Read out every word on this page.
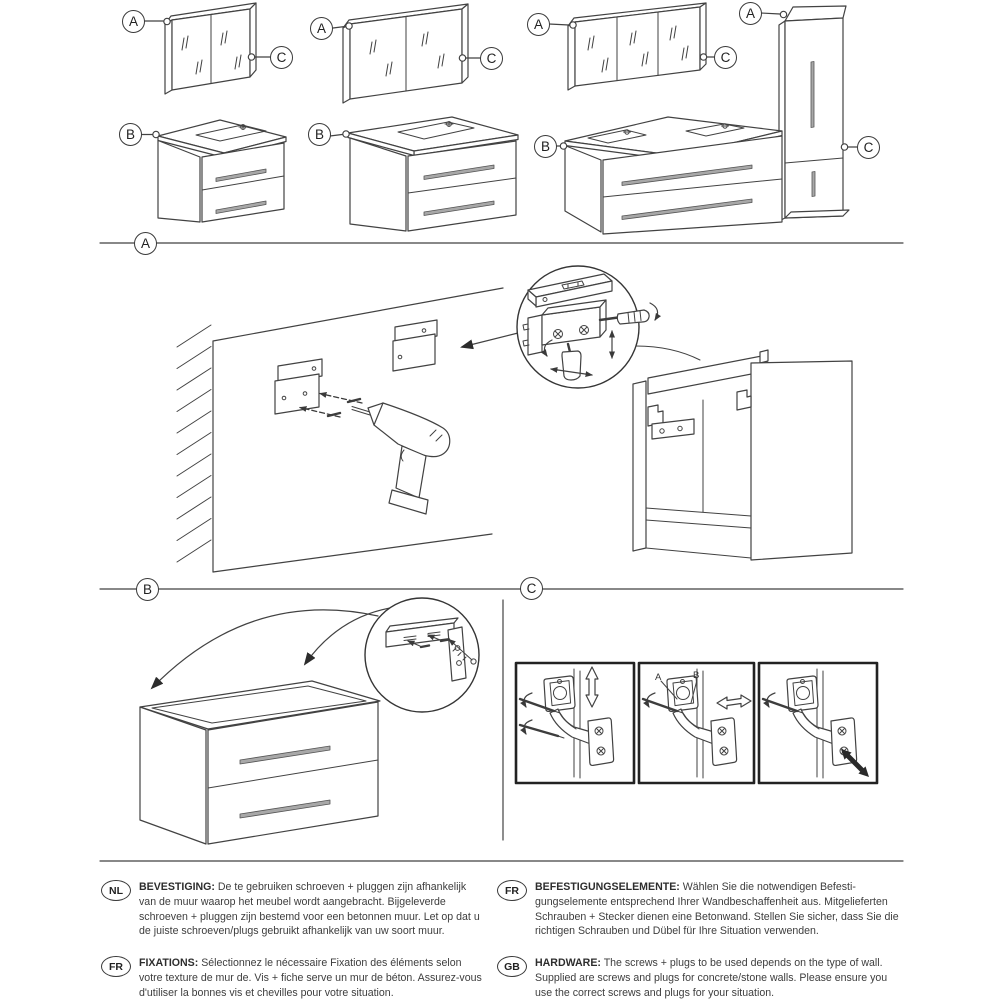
A	B
A
C
A
C
A
C
A
C
B	B
B
A
B	C
NL	BEVESTIGING: De te gebruiken schroeven + pluggen zijn afhankelijk van de muur waarop het meubel wordt aangebracht. Bijgeleverde schroeven + pluggen zijn bestemd voor een betonnen muur. Let op dat u de juiste schroeven/plugs gebruikt afhankelijk van uw soort muur.
FR	FIXATIONS: Sélectionnez le nécessaire Fixation des éléments selon votre texture de mur de. Vis + fiche serve un mur de béton. Assurez-vous d'utiliser la bonnes vis et chevilles pour votre situation.
FR	BEFESTIGUNGSELEMENTE: Wählen Sie die notwendigen Befestigungselemente entsprechend Ihrer Wandbeschaffenheit aus. Mitgelieferten Schrauben + Stecker dienen eine Betonwand. Stellen Sie sicher, dass Sie die richtigen Schrauben und Dübel für Ihre Situation verwenden.
GB	HARDWARE: The screws + plugs to be used depends on the type of wall. Supplied are screws and plugs for concrete/stone walls. Please ensure you use the correct screws and plugs for your situation.
